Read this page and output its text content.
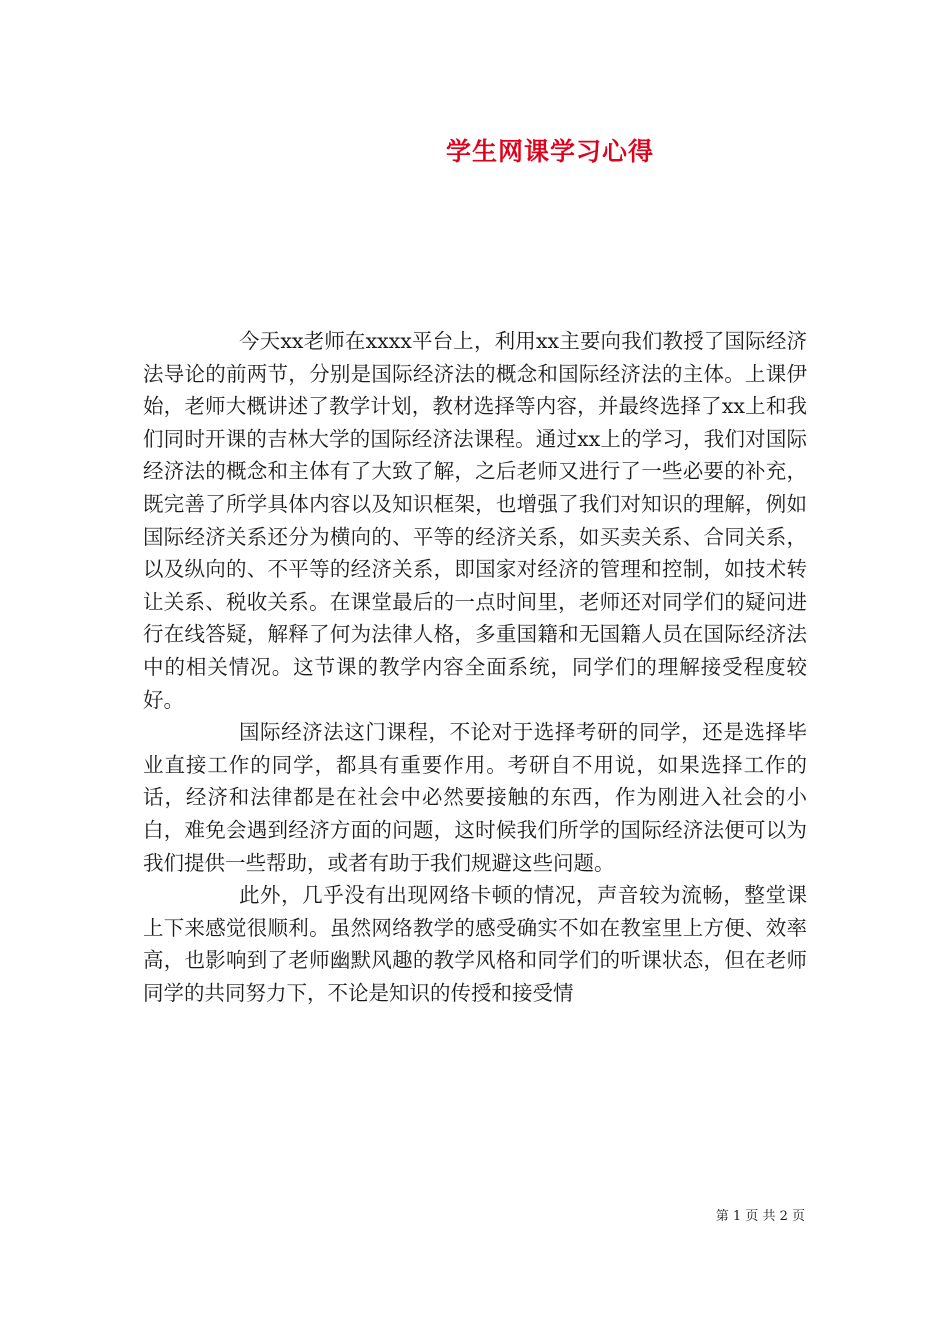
学生网课学习心得

今天xx老师在xxxx平台上，利用xx主要向我们教授了国际经济法导论的前两节，分别是国际经济法的概念和国际经济法的主体。上课伊始，老师大概讲述了教学计划，教材选择等内容，并最终选择了xx上和我们同时开课的吉林大学的国际经济法课程。通过xx上的学习，我们对国际经济法的概念和主体有了大致了解，之后老师又进行了一些必要的补充，既完善了所学具体内容以及知识框架，也增强了我们对知识的理解，例如国际经济关系还分为横向的、平等的经济关系，如买卖关系、合同关系，以及纵向的、不平等的经济关系，即国家对经济的管理和控制，如技术转让关系、税收关系。在课堂最后的一点时间里，老师还对同学们的疑问进行在线答疑，解释了何为法律人格，多重国籍和无国籍人员在国际经济法中的相关情况。这节课的教学内容全面系统，同学们的理解接受程度较好。

国际经济法这门课程，不论对于选择考研的同学，还是选择毕业直接工作的同学，都具有重要作用。考研自不用说，如果选择工作的话，经济和法律都是在社会中必然要接触的东西，作为刚进入社会的小白，难免会遇到经济方面的问题，这时候我们所学的国际经济法便可以为我们提供一些帮助，或者有助于我们规避这些问题。

此外，几乎没有出现网络卡顿的情况，声音较为流畅，整堂课上下来感觉很顺利。虽然网络教学的感受确实不如在教室里上方便、效率高，也影响到了老师幽默风趣的教学风格和同学们的听课状态，但在老师同学的共同努力下，不论是知识的传授和接受情

第 1 页 共 2 页
